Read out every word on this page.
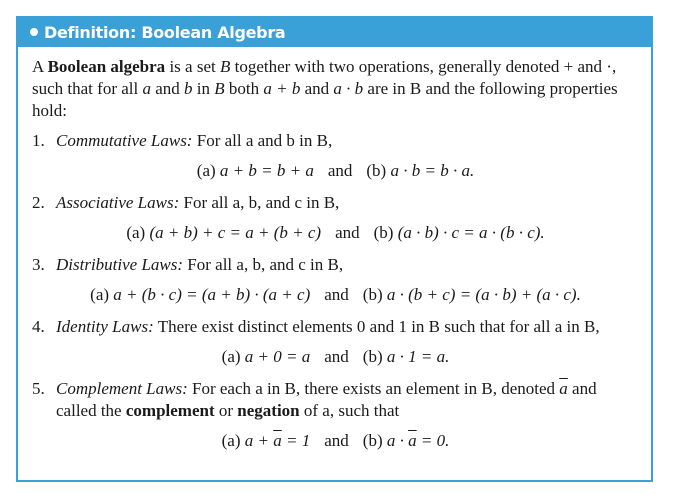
Definition: Boolean Algebra

A Boolean algebra is a set B together with two operations, generally denoted + and ·, such that for all a and b in B both a + b and a · b are in B and the following properties hold:

1. Commutative Laws: For all a and b in B,

(a) a + b = b + a and (b) a · b = b · a.

2. Associative Laws: For all a, b, and c in B,

(a) (a + b) + c = a + (b + c) and (b) (a · b) · c = a · (b · c).

3. Distributive Laws: For all a, b, and c in B,

(a) a + (b · c) = (a + b) · (a + c) and (b) a · (b + c) = (a · b) + (a · c).

4. Identity Laws: There exist distinct elements 0 and 1 in B such that for all a in B,

(a) a + 0 = a and (b) a · 1 = a.

5. Complement Laws: For each a in B, there exists an element in B, denoted $\overline{a}$ and called the complement or negation of a, such that

(a) $a + \overline{a} = 1$ and (b) $a \cdot \overline{a} = 0$.
